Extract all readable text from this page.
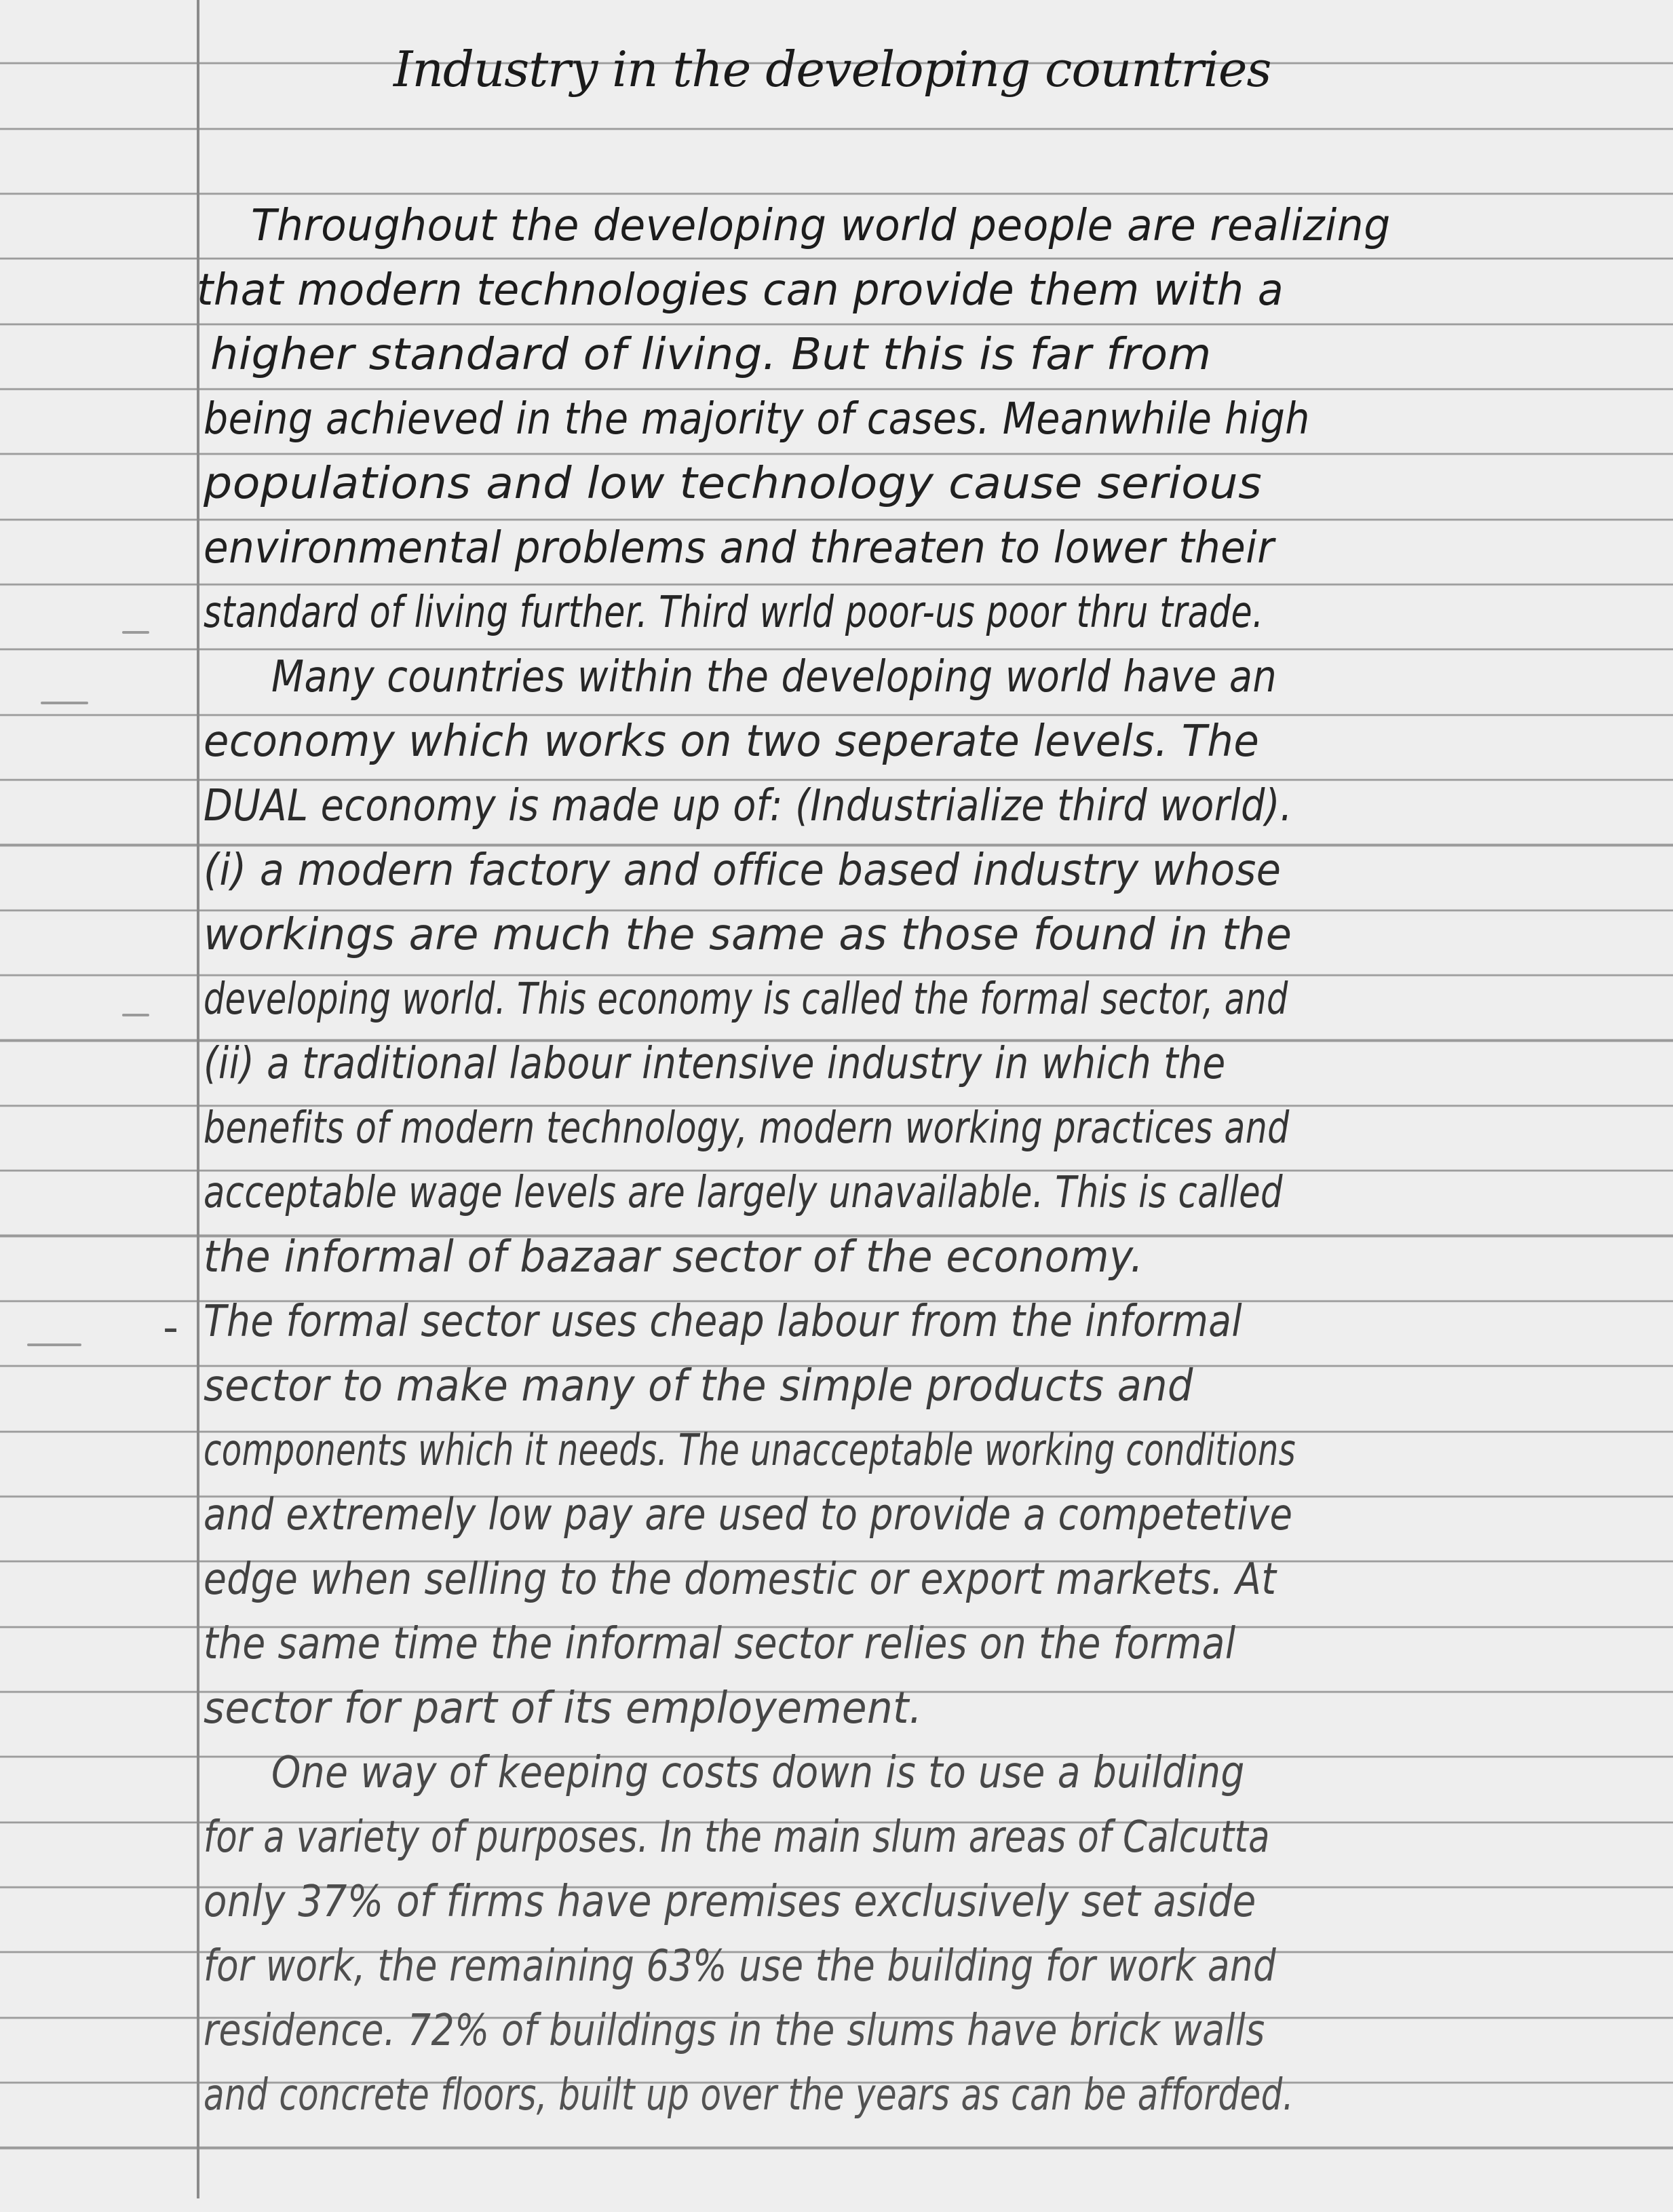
Industry in the developing countries
-
Throughout the developing world people are realizing
that modern technologies can provide them with a
higher standard of living. But this is far from
being achieved in the majority of cases. Meanwhile high
populations and low technology cause serious
environmental problems and threaten to lower their
standard of living further. Third wrld poor-us poor thru trade.
Many countries within the developing world have an
economy which works on two seperate levels. The
DUAL economy is made up of: (Industrialize third world).
(i) a modern factory and office based industry whose
workings are much the same as those found in the
developing world. This economy is called the formal sector, and
(ii) a traditional labour intensive industry in which the
benefits of modern technology, modern working practices and
acceptable wage levels are largely unavailable. This is called
the informal of bazaar sector of the economy.
The formal sector uses cheap labour from the informal
sector to make many of the simple products and
components which it needs. The unacceptable working conditions
and extremely low pay are used to provide a competetive
edge when selling to the domestic or export markets. At
the same time the informal sector relies on the formal
sector for part of its employement.
One way of keeping costs down is to use a building
for a variety of purposes. In the main slum areas of Calcutta
only 37% of firms have premises exclusively set aside
for work, the remaining 63% use the building for work and
residence. 72% of buildings in the slums have brick walls
and concrete floors, built up over the years as can be afforded.
